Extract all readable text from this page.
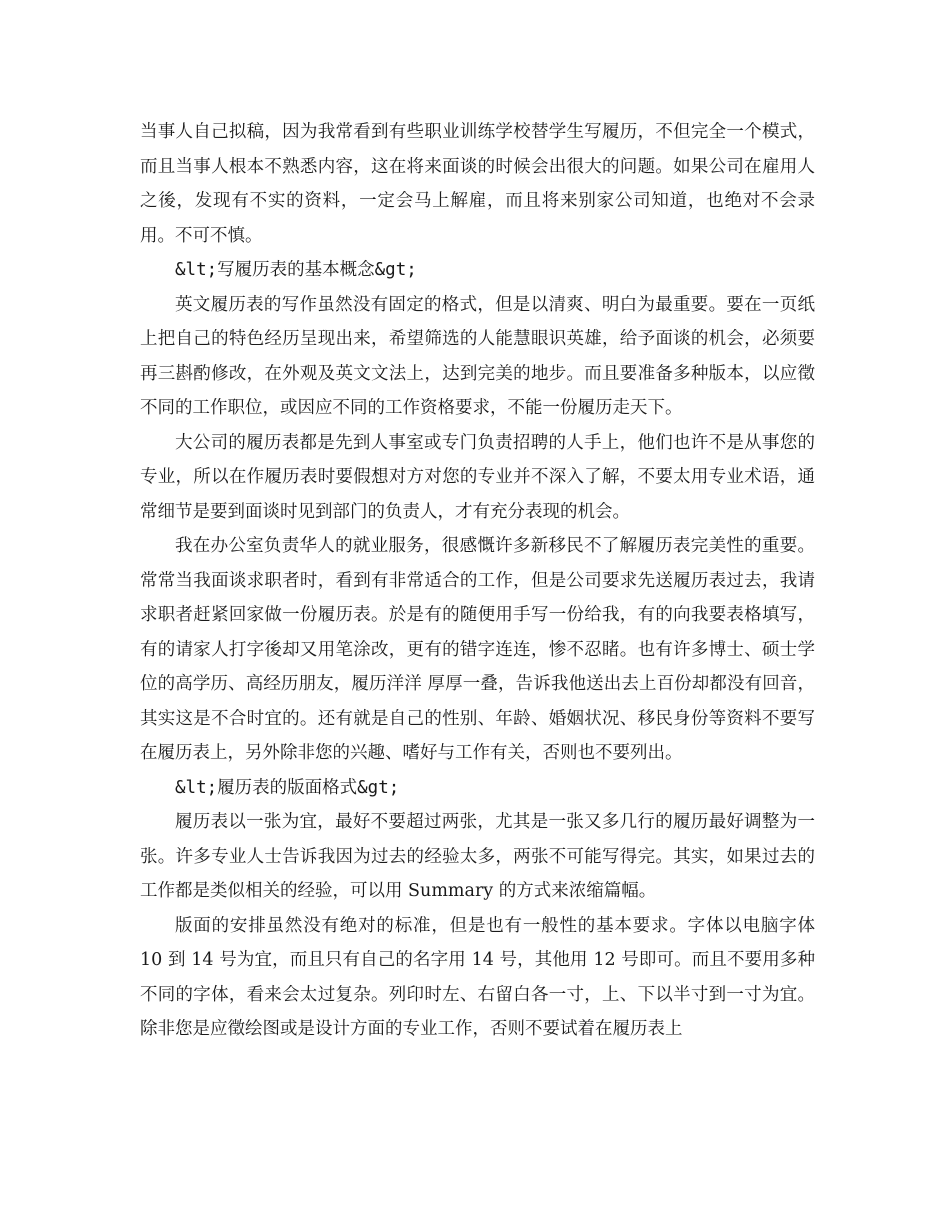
当事人自己拟稿，因为我常看到有些职业训练学校替学生写履历，不但完全一个模式，而且当事人根本不熟悉内容，这在将来面谈的时候会出很大的问题。如果公司在雇用人之後，发现有不实的资料，一定会马上解雇，而且将来别家公司知道，也绝对不会录用。不可不慎。

&lt;写履历表的基本概念&gt;

英文履历表的写作虽然没有固定的格式，但是以清爽、明白为最重要。要在一页纸上把自己的特色经历呈现出来，希望筛选的人能慧眼识英雄，给予面谈的机会，必须要再三斟酌修改，在外观及英文文法上，达到完美的地步。而且要准备多种版本，以应徵不同的工作职位，或因应不同的工作资格要求，不能一份履历走天下。

大公司的履历表都是先到人事室或专门负责招聘的人手上，他们也许不是从事您的专业，所以在作履历表时要假想对方对您的专业并不深入了解，不要太用专业术语，通常细节是要到面谈时见到部门的负责人，才有充分表现的机会。

我在办公室负责华人的就业服务，很感慨许多新移民不了解履历表完美性的重要。常常当我面谈求职者时，看到有非常适合的工作，但是公司要求先送履历表过去，我请求职者赶紧回家做一份履历表。於是有的随便用手写一份给我，有的向我要表格填写，有的请家人打字後却又用笔涂改，更有的错字连连，惨不忍睹。也有许多博士、硕士学位的高学历、高经历朋友，履历洋洋 厚厚一叠，告诉我他送出去上百份却都没有回音，其实这是不合时宜的。还有就是自己的性别、年龄、婚姻状况、移民身份等资料不要写在履历表上，另外除非您的兴趣、嗜好与工作有关，否则也不要列出。

&lt;履历表的版面格式&gt;

履历表以一张为宜，最好不要超过两张，尤其是一张又多几行的履历最好调整为一张。许多专业人士告诉我因为过去的经验太多，两张不可能写得完。其实，如果过去的工作都是类似相关的经验，可以用 Summary 的方式来浓缩篇幅。

版面的安排虽然没有绝对的标准，但是也有一般性的基本要求。字体以电脑字体 10 到 14 号为宜，而且只有自己的名字用 14 号，其他用 12 号即可。而且不要用多种不同的字体，看来会太过复杂。列印时左、右留白各一寸，上、下以半寸到一寸为宜。除非您是应徵绘图或是设计方面的专业工作，否则不要试着在履历表上
